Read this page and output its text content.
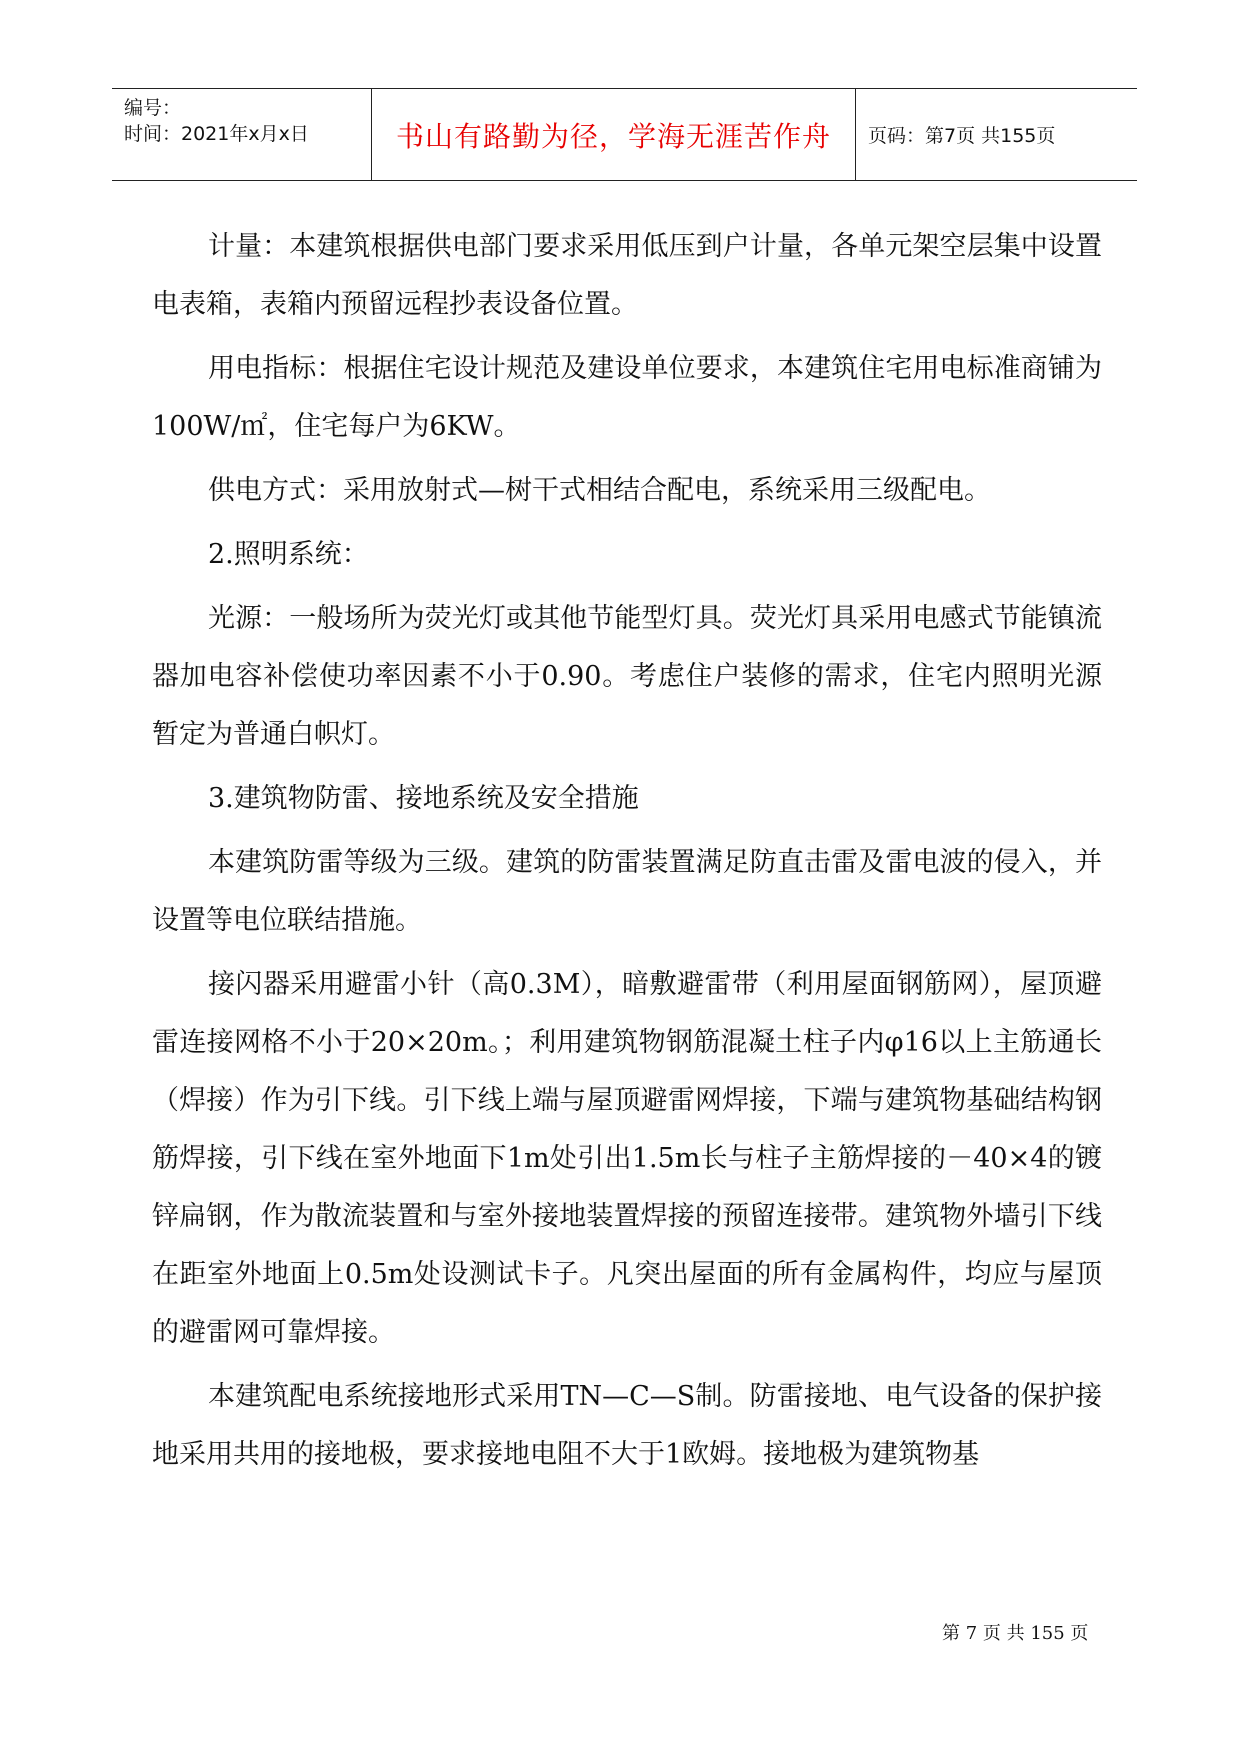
编号：
时间：2021年x月x日	书山有路勤为径，学海无涯苦作舟 页码：第7页 共155页

计量：本建筑根据供电部门要求采用低压到户计量，各单元架空层集中设置电表箱，表箱内预留远程抄表设备位置。

用电指标：根据住宅设计规范及建设单位要求，本建筑住宅用电标准商铺为100W/㎡，住宅每户为6KW。

供电方式：采用放射式—树干式相结合配电，系统采用三级配电。

2.照明系统：

光源：一般场所为荧光灯或其他节能型灯具。荧光灯具采用电感式节能镇流器加电容补偿使功率因素不小于0.90。考虑住户装修的需求，住宅内照明光源暂定为普通白帜灯。

3.建筑物防雷、接地系统及安全措施

本建筑防雷等级为三级。建筑的防雷装置满足防直击雷及雷电波的侵入，并设置等电位联结措施。

接闪器采用避雷小针（高0.3M），暗敷避雷带（利用屋面钢筋网），屋顶避雷连接网格不小于20×20m。；利用建筑物钢筋混凝土柱子内φ16以上主筋通长（焊接）作为引下线。引下线上端与屋顶避雷网焊接，下端与建筑物基础结构钢筋焊接，引下线在室外地面下1m处引出1.5m长与柱子主筋焊接的－40×4的镀锌扁钢，作为散流装置和与室外接地装置焊接的预留连接带。建筑物外墙引下线在距室外地面上0.5m处设测试卡子。凡突出屋面的所有金属构件，均应与屋顶的避雷网可靠焊接。

本建筑配电系统接地形式采用TN—C—S制。防雷接地、电气设备的保护接地采用共用的接地极，要求接地电阻不大于1欧姆。接地极为建筑物基

第 7 页 共 155 页
